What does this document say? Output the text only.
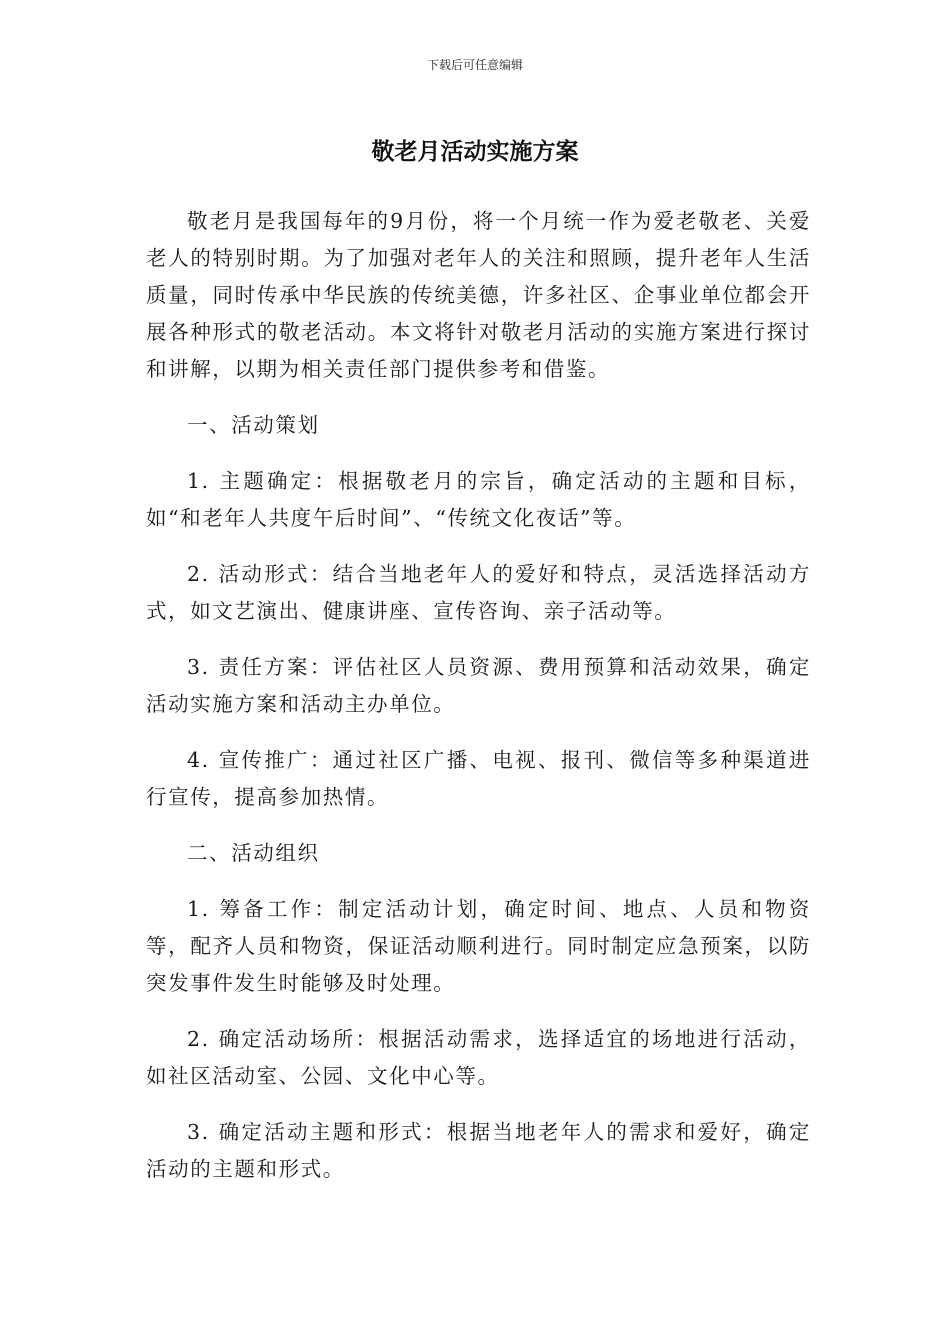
下载后可任意编辑
敬老月活动实施方案

敬老月是我国每年的9月份，将一个月统一作为爱老敬老、关爱老人的特别时期。为了加强对老年人的关注和照顾，提升老年人生活质量，同时传承中华民族的传统美德，许多社区、企事业单位都会开展各种形式的敬老活动。本文将针对敬老月活动的实施方案进行探讨和讲解，以期为相关责任部门提供参考和借鉴。

一、活动策划

1. 主题确定：根据敬老月的宗旨，确定活动的主题和目标，如“和老年人共度午后时间”、“传统文化夜话”等。

2. 活动形式：结合当地老年人的爱好和特点，灵活选择活动方式，如文艺演出、健康讲座、宣传咨询、亲子活动等。

3. 责任方案：评估社区人员资源、费用预算和活动效果，确定活动实施方案和活动主办单位。

4. 宣传推广：通过社区广播、电视、报刊、微信等多种渠道进行宣传，提高参加热情。

二、活动组织

1. 筹备工作：制定活动计划，确定时间、地点、人员和物资等，配齐人员和物资，保证活动顺利进行。同时制定应急预案，以防突发事件发生时能够及时处理。

2. 确定活动场所：根据活动需求，选择适宜的场地进行活动，如社区活动室、公园、文化中心等。

3. 确定活动主题和形式：根据当地老年人的需求和爱好，确定活动的主题和形式。
